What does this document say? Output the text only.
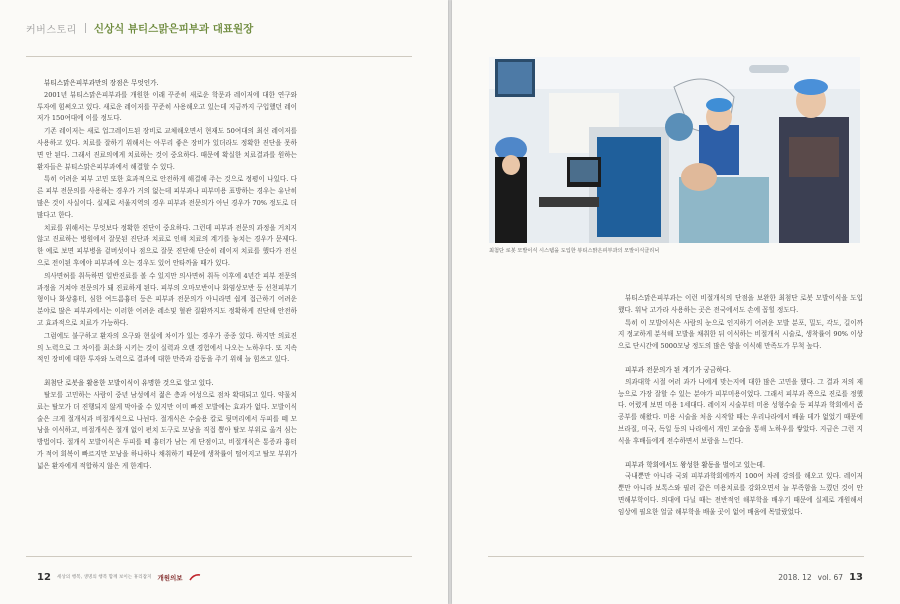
커버스토리 신상식 뷰티스맑은피부과 대표원장

뷰티스맑은피부과만의 장점은 무엇인가.

2001년 뷰티스맑은피부과를 개원한 이래 꾸준히 새로운 학문과 레이저에 대한 연구와 투자에 힘써오고 있다. 새로운 레이저를 꾸준히 사용해오고 있는데 지금까지 구입했던 레이저가 150여대에 이를 정도다.

기존 레이저는 새로 업그레이드된 장비로 교체해오면서 현재도 50여대의 최신 레이저를 사용하고 있다. 치료를 잘하기 위해서는 아무리 좋은 장비가 있더라도 정확한 진단을 못하면 안 된다. 그래서 진료의에게 치료하는 것이 중요하다. 때문에 확실한 치료결과를 원하는 환자들은 뷰티스맑은피부과에서 해결할 수 있다.

특히 어려운 피부 고민 또한 효과적으로 안전하게 해결해 주는 것으로 정평이 나있다. 다른 피부 전문의를 사용하는 경우가 거의 없는데 피부과나 피부미용 표방하는 경우는 유난히 많은 것이 사실이다. 실제로 서울지역의 경우 피부과 전문의가 아닌 경우가 70% 정도로 더 많다고 한다.

치료를 위해서는 무엇보다 정확한 진단이 중요하다. 그런데 피부과 전문의 과정을 거치지 않고 진료하는 병원에서 잘못된 진단과 치료로 인해 치료의 계기를 놓치는 경우가 문제다. 한 예로 보면 피부병을 겉버섯이나 점으로 잘못 진단해 단순히 레이저 치료를 했다가 전신으로 전이된 후에야 피부과에 오는 경우도 있어 안타까울 때가 있다.

의사면허를 취득하면 일반진료를 볼 수 있지만 의사면허 취득 이후에 4년간 피부 전문의 과정을 거쳐야 전문의가 돼 진료하게 된다. 피부의 오마모반이나 화염상모반 등 선천피부기형이나 화상흉터, 심한 여드름흉터 등은 피부과 전문의가 아니라면 쉽게 접근하기 어려운 분야로 많은 피부과에서는 이러한 어려운 레소및 혈관 질환까지도 정확하게 진단해 안전하고 효과적으로 치료가 가능하다.

그럼에도 불구하고 환자의 요구와 현실에 차이가 있는 경우가 종종 있다. 하지만 의료진의 노력으로 그 차이를 최소화 시키는 것이 실력과 오랜 경험에서 나오는 노하우다. 또 지속적인 장비에 대한 투자와 노력으로 결과에 대한 만족과 감동을 주기 위해 늘 힘쓰고 있다.

최첨단 로봇을 활용한 모발이식이 유명한 것으로 알고 있다.

탈모를 고민하는 사람이 중년 남성에서 젊은 층과 여성으로 점차 확대되고 있다. 약물치료는 탈모가 더 진행되지 않게 막아줄 수 있지만 이미 빠진 모발에는 효과가 없다. 모발이식술은 크게 절개식과 비절개식으로 나뉜다. 절개식은 수술용 칼로 뒷머리에서 두피를 떼 모낭을 이식하고, 비절개식은 절개 없이 펀치 도구로 모낭을 직접 뽑아 탈모 부위로 옮겨 심는 방법이다. 절개식 모발이식은 두피를 떼 흉터가 남는 게 단점이고, 비절개식은 통증과 흉터가 적어 회복이 빠르지만 모낭을 하나하나 채취하기 때문에 생착률이 떨어지고 탈모 부위가 넓은 환자에게 적합하지 않은 게 한계다.

12 세상의 행복, 생명의 행복 함께 보이는 휴리잡지 개원의보
최첨단 로봇 모발이식 시스템을 도입한 뷰티스맑은피부과의 모발이식클리닉

뷰티스맑은피부과는 이런 비절개식의 단점을 보완한 최첨단 로봇 모발이식을 도입했다. 워낙 고가라 사용하는 곳은 전국에서도 손에 꼽힐 정도다.

특히 이 모발이식은 사람의 눈으로 인지하기 어려운 모발 분포, 밀도, 각도, 길이까지 정교하게 분석해 모발을 채취한 뒤 이식하는 비절개식 시술로, 생착률이 90% 이상으로 단시간에 5000모낭 정도의 많은 양을 이식해 만족도가 무척 높다.

피부과 전문의가 된 계기가 궁금하다.

의과대학 시절 여러 과가 나에게 맞는지에 대한 많은 고민을 했다. 그 결과 저의 재능으로 가장 잘할 수 있는 분야가 피부미용이었다. 그래서 피부과 쪽으로 진로를 정했다. 어렸게 보면 미용 1세대다. 레이저 시술부터 미용 성형수술 등 피부과 학회에서 좀 공부를 해왔다. 미용 시술을 처음 시작할 때는 우리나라에서 배울 데가 없었기 때문에 브라질, 미국, 독일 등의 나라에서 개인 교습을 통해 노하우를 쌓았다. 지금은 그런 지식을 후배들에게 전수하면서 보람을 느낀다.

피부과 학회에서도 왕성한 활동을 벌이고 있는데.

국내뿐만 아니라 국외 피부과학회에까지 100여 차례 강의를 해오고 있다. 레이저 뿐만 아니라 보톡스와 필러 같은 미용치료를 강화오면서 늘 부족함을 느꼈던 것이 안면해부학이다. 의대에 다닐 때는 전반적인 해부학을 배우기 때문에 실제로 개원해서 임상에 필요한 얼굴 해부학을 배울 곳이 없어 배움에 목말랐었다.

2018. 12 vol. 67 13
